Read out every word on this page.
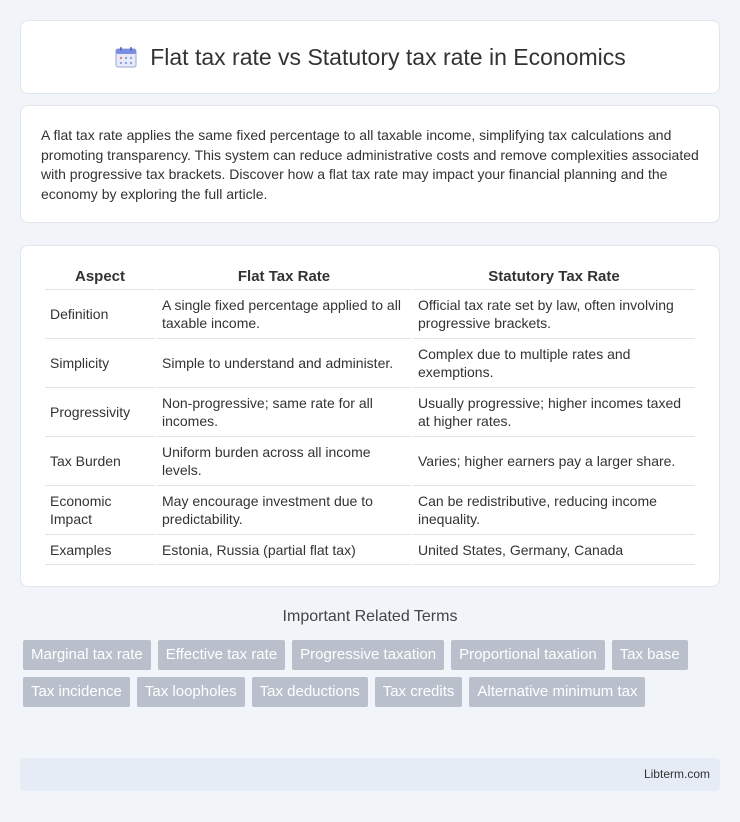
Flat tax rate vs Statutory tax rate in Economics

A flat tax rate applies the same fixed percentage to all taxable income, simplifying tax calculations and promoting transparency. This system can reduce administrative costs and remove complexities associated with progressive tax brackets. Discover how a flat tax rate may impact your financial planning and the economy by exploring the full article.

Aspect	Flat Tax Rate	Statutory Tax Rate
Definition	A single fixed percentage applied to all taxable income.	Official tax rate set by law, often involving progressive brackets.
Simplicity	Simple to understand and administer.	Complex due to multiple rates and exemptions.
Progressivity	Non-progressive; same rate for all incomes.	Usually progressive; higher incomes taxed at higher rates.
Tax Burden	Uniform burden across all income levels.	Varies; higher earners pay a larger share.
Economic Impact	May encourage investment due to predictability.	Can be redistributive, reducing income inequality.
Examples	Estonia, Russia (partial flat tax)	United States, Germany, Canada
Important Related Terms
Marginal tax rate	Effective tax rate	Progressive taxation	Proportional taxation	Tax base
Tax incidence	Tax loopholes	Tax deductions	Tax credits	Alternative minimum tax
Libterm.com
